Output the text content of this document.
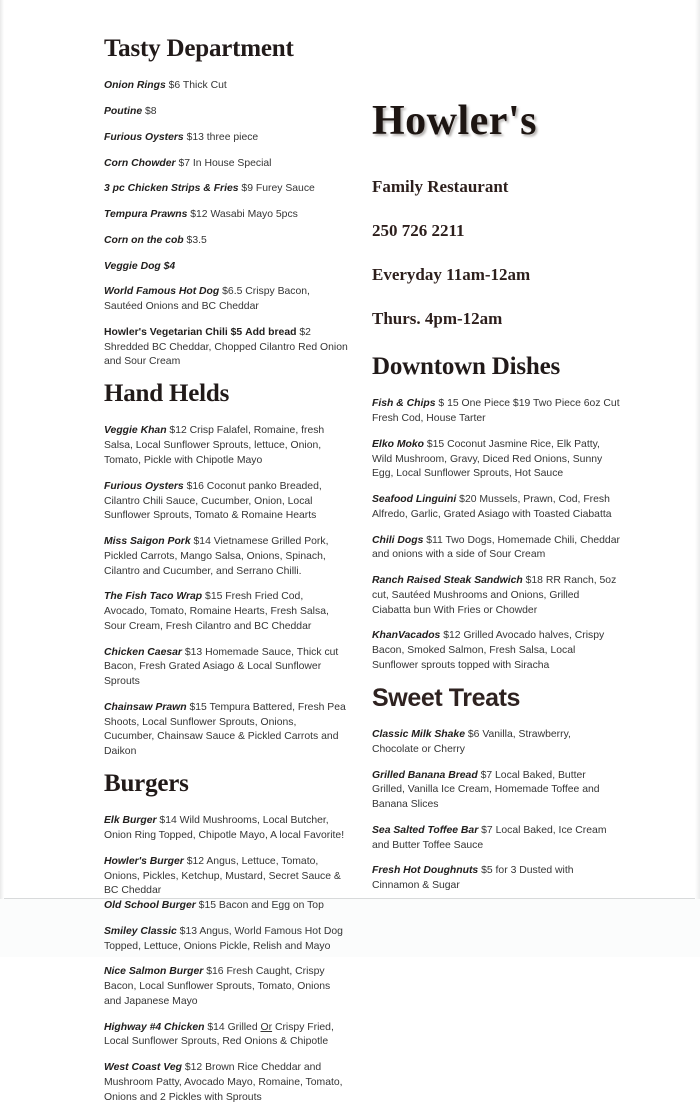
Tasty Department

Onion Rings $6 Thick Cut

Poutine $8

Furious Oysters $13 three piece

Corn Chowder $7 In House Special

3 pc Chicken Strips & Fries $9 Furey Sauce

Tempura Prawns $12 Wasabi Mayo 5pcs

Corn on the cob $3.5

Veggie Dog $4

World Famous Hot Dog $6.5 Crispy Bacon, Sautéed Onions and BC Cheddar

Howler's Vegetarian Chili $5 Add bread $2 Shredded BC Cheddar, Chopped Cilantro Red Onion and Sour Cream

Hand Helds

Veggie Khan $12 Crisp Falafel, Romaine, fresh Salsa, Local Sunflower Sprouts, lettuce, Onion, Tomato, Pickle with Chipotle Mayo

Furious Oysters $16 Coconut panko Breaded, Cilantro Chili Sauce, Cucumber, Onion, Local Sunflower Sprouts, Tomato & Romaine Hearts

Miss Saigon Pork $14 Vietnamese Grilled Pork, Pickled Carrots, Mango Salsa, Onions, Spinach, Cilantro and Cucumber, and Serrano Chilli.

The Fish Taco Wrap $15 Fresh Fried Cod, Avocado, Tomato, Romaine Hearts, Fresh Salsa, Sour Cream, Fresh Cilantro and BC Cheddar

Chicken Caesar $13 Homemade Sauce, Thick cut Bacon, Fresh Grated Asiago & Local Sunflower Sprouts

Chainsaw Prawn $15 Tempura Battered, Fresh Pea Shoots, Local Sunflower Sprouts, Onions, Cucumber, Chainsaw Sauce & Pickled Carrots and Daikon

Burgers

Elk Burger $14 Wild Mushrooms, Local Butcher, Onion Ring Topped, Chipotle Mayo, A local Favorite!

Howler's Burger $12 Angus, Lettuce, Tomato, Onions, Pickles, Ketchup, Mustard, Secret Sauce & BC Cheddar

Old School Burger $15 Bacon and Egg on Top

Smiley Classic $13 Angus, World Famous Hot Dog Topped, Lettuce, Onions Pickle, Relish and Mayo

Nice Salmon Burger $16 Fresh Caught, Crispy Bacon, Local Sunflower Sprouts, Tomato, Onions and Japanese Mayo

Highway #4 Chicken $14 Grilled Or Crispy Fried, Local Sunflower Sprouts, Red Onions & Chipotle

West Coast Veg $12 Brown Rice Cheddar and Mushroom Patty, Avocado Mayo, Romaine, Tomato, Onions and 2 Pickles with Sprouts

Howler's
Family Restaurant
250 726 2211
Everyday 11am-12am
Thurs. 4pm-12am
Downtown Dishes

Fish & Chips $ 15 One Piece $19 Two Piece 6oz Cut Fresh Cod, House Tarter

Elko Moko $15 Coconut Jasmine Rice, Elk Patty, Wild Mushroom, Gravy, Diced Red Onions, Sunny Egg, Local Sunflower Sprouts, Hot Sauce

Seafood Linguini $20 Mussels, Prawn, Cod, Fresh Alfredo, Garlic, Grated Asiago with Toasted Ciabatta

Chili Dogs $11 Two Dogs, Homemade Chili, Cheddar and onions with a side of Sour Cream

Ranch Raised Steak Sandwich $18 RR Ranch, 5oz cut, Sautéed Mushrooms and Onions, Grilled Ciabatta bun With Fries or Chowder

KhanVacados $12 Grilled Avocado halves, Crispy Bacon, Smoked Salmon, Fresh Salsa, Local Sunflower sprouts topped with Siracha

Sweet Treats

Classic Milk Shake $6 Vanilla, Strawberry, Chocolate or Cherry

Grilled Banana Bread $7 Local Baked, Butter Grilled, Vanilla Ice Cream, Homemade Toffee and Banana Slices

Sea Salted Toffee Bar $7 Local Baked, Ice Cream and Butter Toffee Sauce

Fresh Hot Doughnuts $5 for 3 Dusted with Cinnamon & Sugar
